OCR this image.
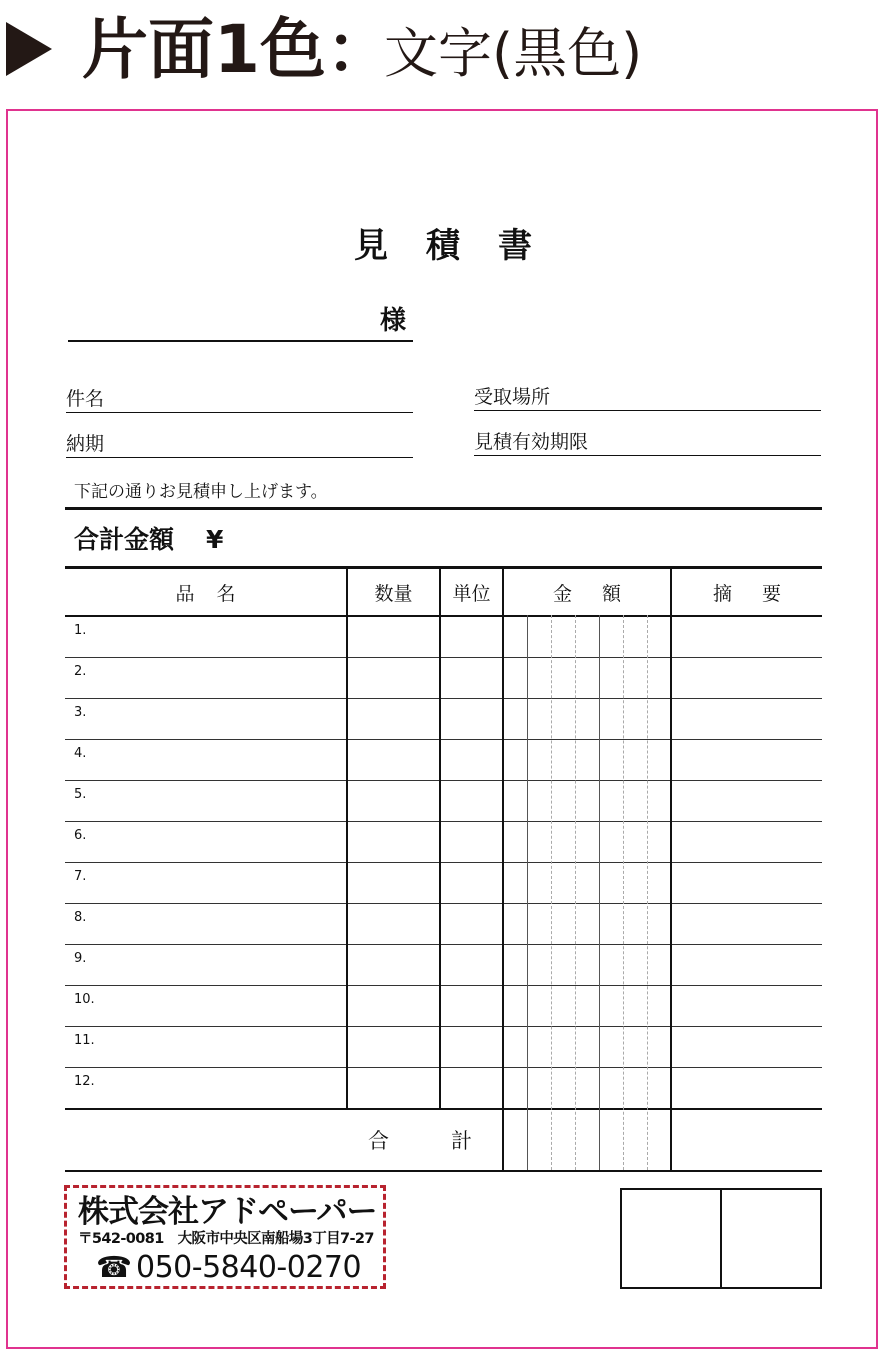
片面1色：
文字(黒色)
見積書
様
件名
納期
受取場所
見積有効期限
下記の通りお見積申し上げます。
合計金額 ¥
品名	数量	単位	金額	摘要

1.				

2.				

3.				

4.				

5.				

6.				

7.				

8.				

9.				

10.				

11.				

12.				

合計
株式会社アドペーパー
〒542-0081　大阪市中央区南船場3丁目7-27
☎ 050-5840-0270
